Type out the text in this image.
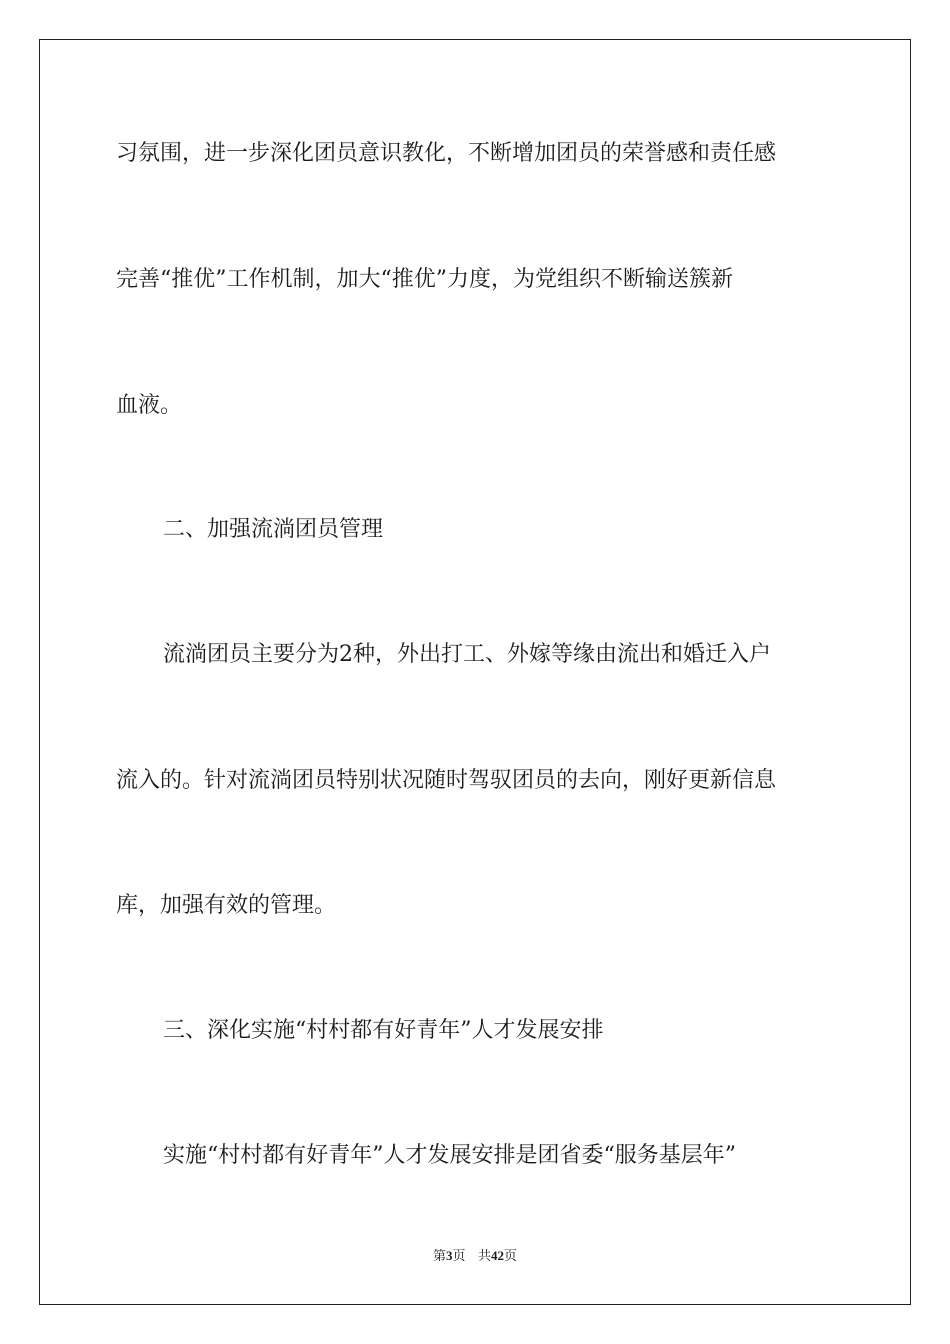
习氛围，进一步深化团员意识教化，不断增加团员的荣誉感和责任感
完善“推优”工作机制，加大“推优”力度，为党组织不断输送簇新
血液。
二、加强流淌团员管理
流淌团员主要分为2种，外出打工、外嫁等缘由流出和婚迁入户
流入的。针对流淌团员特别状况随时驾驭团员的去向，刚好更新信息
库，加强有效的管理。
三、深化实施“村村都有好青年”人才发展安排
实施“村村都有好青年”人才发展安排是团省委“服务基层年”
第3页 共42页
